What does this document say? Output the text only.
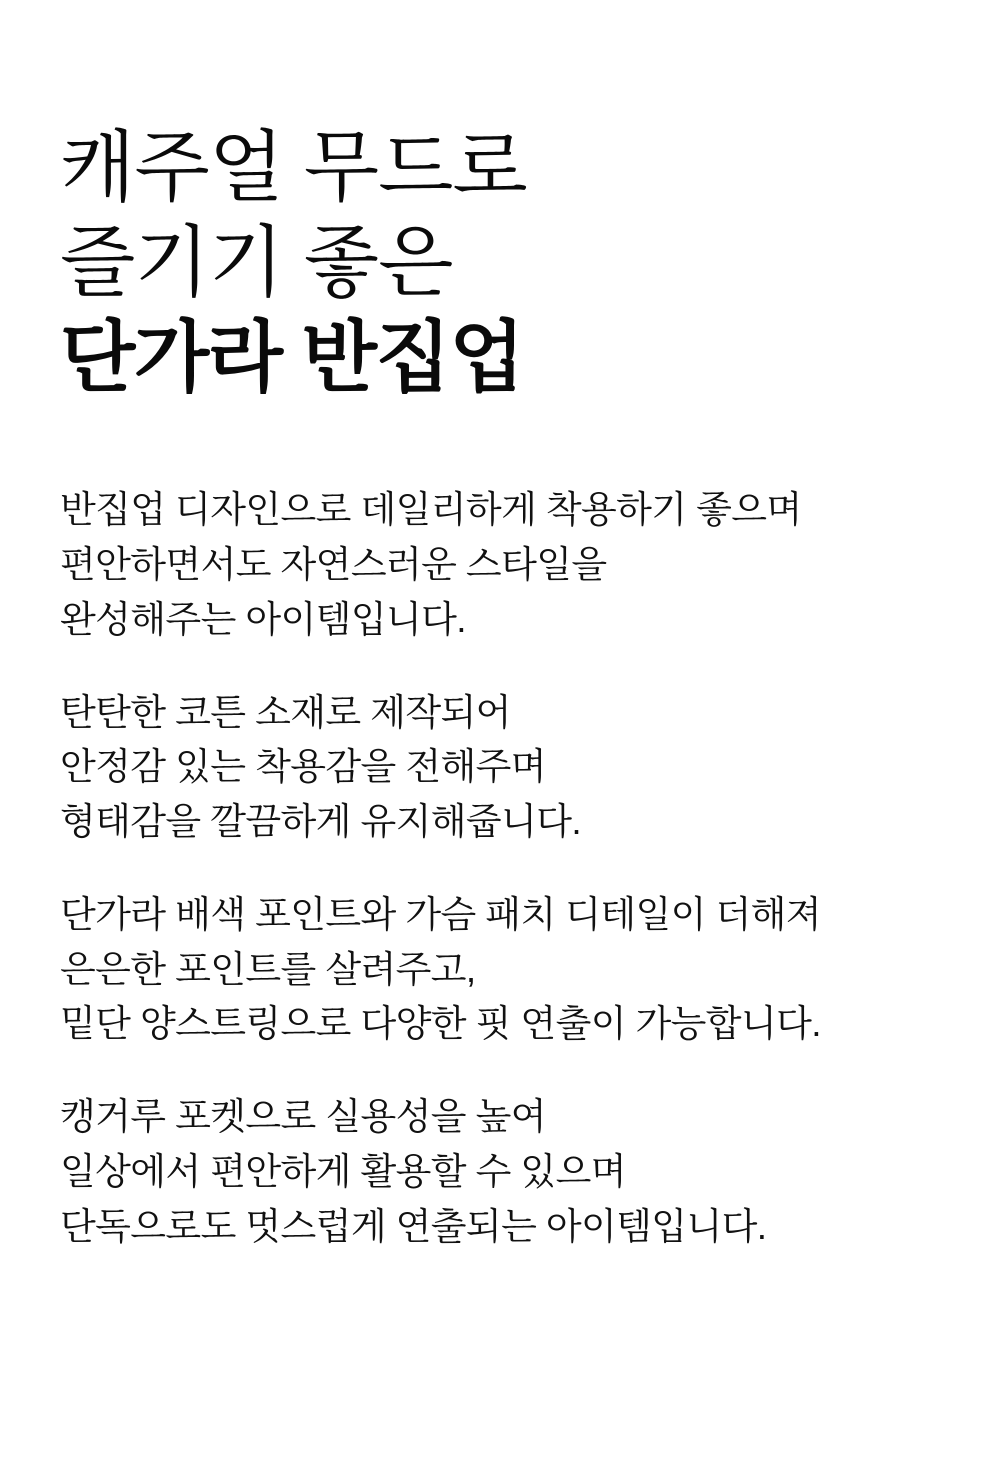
캐주얼 무드로
즐기기 좋은
단가라 반집업

반집업 디자인으로 데일리하게 착용하기 좋으며
편안하면서도 자연스러운 스타일을
완성해주는 아이템입니다.

탄탄한 코튼 소재로 제작되어
안정감 있는 착용감을 전해주며
형태감을 깔끔하게 유지해줍니다.

단가라 배색 포인트와 가슴 패치 디테일이 더해져
은은한 포인트를 살려주고,
밑단 양스트링으로 다양한 핏 연출이 가능합니다.

캥거루 포켓으로 실용성을 높여
일상에서 편안하게 활용할 수 있으며
단독으로도 멋스럽게 연출되는 아이템입니다.
